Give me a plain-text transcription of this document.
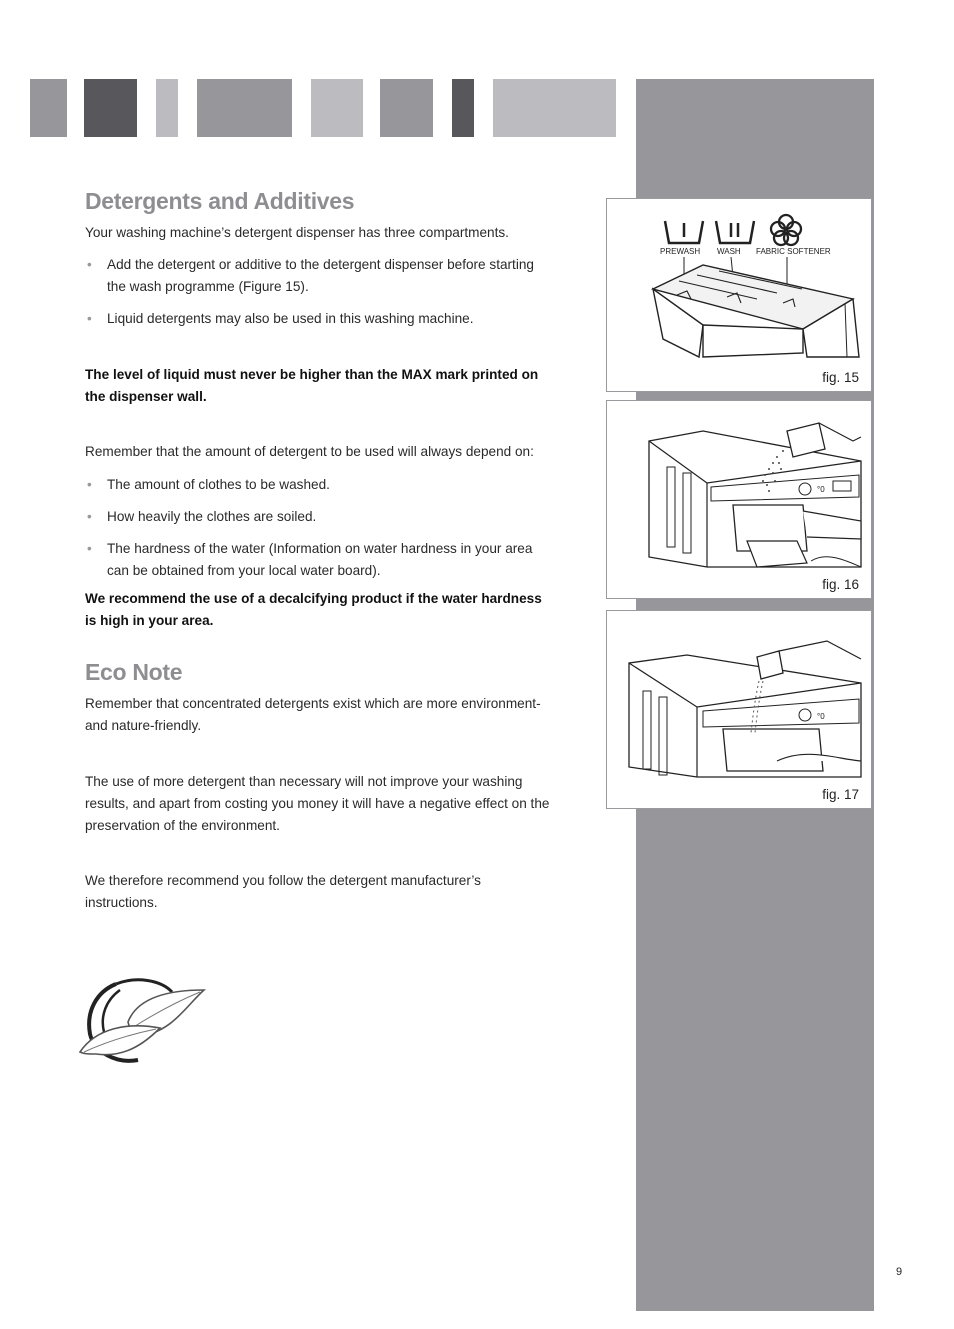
Detergents and Additives

Your washing machine’s detergent dispenser has three compartments.

• Add the detergent or additive to the detergent dispenser before starting the wash programme (Figure 15).
• Liquid detergents may also be used in this washing machine.

The level of liquid must never be higher than the MAX mark printed on the dispenser wall.

Remember that the amount of detergent to be used will always depend on:

• The amount of clothes to be washed.
• How heavily the clothes are soiled.
• The hardness of the water (Information on water hardness in your area can be obtained from your local water board).

We recommend the use of a decalcifying product if the water hardness is high in your area.

Eco Note

Remember that concentrated detergents exist which are more environment- and nature-friendly.

The use of more detergent than necessary will not improve your washing results, and apart from costing you money it will have a negative effect on the preservation of the environment.

We therefore recommend you follow the detergent manufacturer’s instructions.

PREWASH WASH FABRIC SOFTENER
fig. 15
°0
fig. 16
°0
fig. 17
9
